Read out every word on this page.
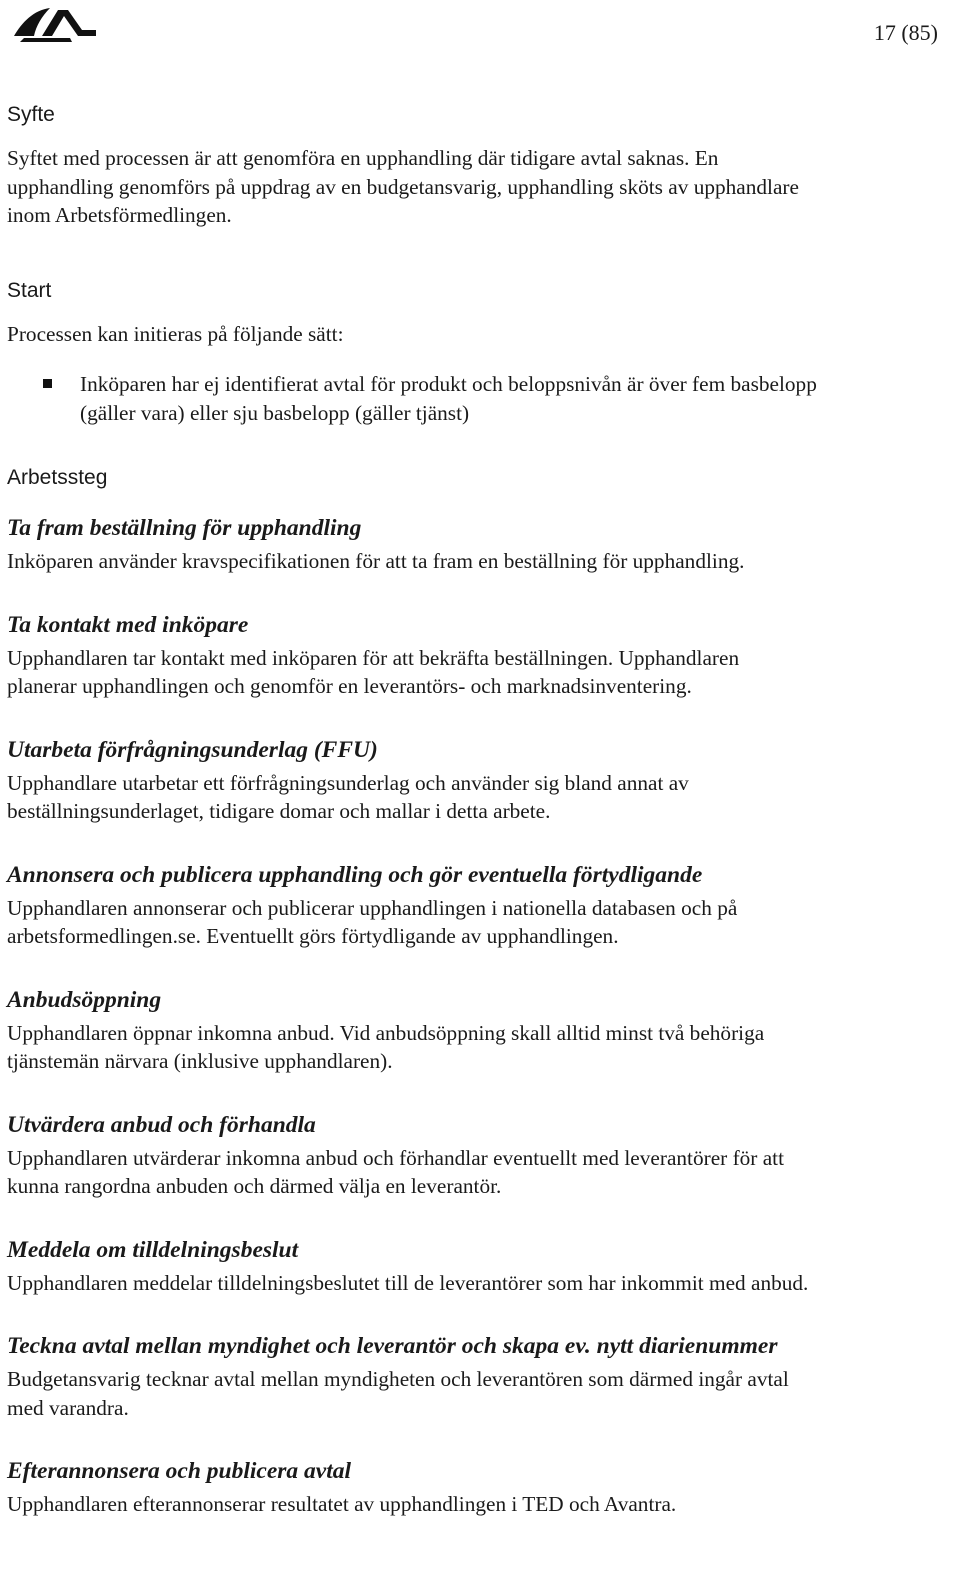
17 (85)
Syfte

Syftet med processen är att genomföra en upphandling där tidigare avtal saknas. En
upphandling genomförs på uppdrag av en budgetansvarig, upphandling sköts av upphandlare
inom Arbetsförmedlingen.

Start

Processen kan initieras på följande sätt:

Inköparen har ej identifierat avtal för produkt och beloppsnivån är över fem basbelopp
(gäller vara) eller sju basbelopp (gäller tjänst)
Arbetssteg
Ta fram beställning för upphandling

Inköparen använder kravspecifikationen för att ta fram en beställning för upphandling.

Ta kontakt med inköpare

Upphandlaren tar kontakt med inköparen för att bekräfta beställningen. Upphandlaren
planerar upphandlingen och genomför en leverantörs- och marknadsinventering.

Utarbeta förfrågningsunderlag (FFU)

Upphandlare utarbetar ett förfrågningsunderlag och använder sig bland annat av
beställningsunderlaget, tidigare domar och mallar i detta arbete.

Annonsera och publicera upphandling och gör eventuella förtydligande

Upphandlaren annonserar och publicerar upphandlingen i nationella databasen och på
arbetsformedlingen.se. Eventuellt görs förtydligande av upphandlingen.

Anbudsöppning

Upphandlaren öppnar inkomna anbud. Vid anbudsöppning skall alltid minst två behöriga
tjänstemän närvara (inklusive upphandlaren).

Utvärdera anbud och förhandla

Upphandlaren utvärderar inkomna anbud och förhandlar eventuellt med leverantörer för att
kunna rangordna anbuden och därmed välja en leverantör.

Meddela om tilldelningsbeslut

Upphandlaren meddelar tilldelningsbeslutet till de leverantörer som har inkommit med anbud.

Teckna avtal mellan myndighet och leverantör och skapa ev. nytt diarienummer

Budgetansvarig tecknar avtal mellan myndigheten och leverantören som därmed ingår avtal
med varandra.

Efterannonsera och publicera avtal

Upphandlaren efterannonserar resultatet av upphandlingen i TED och Avantra.
